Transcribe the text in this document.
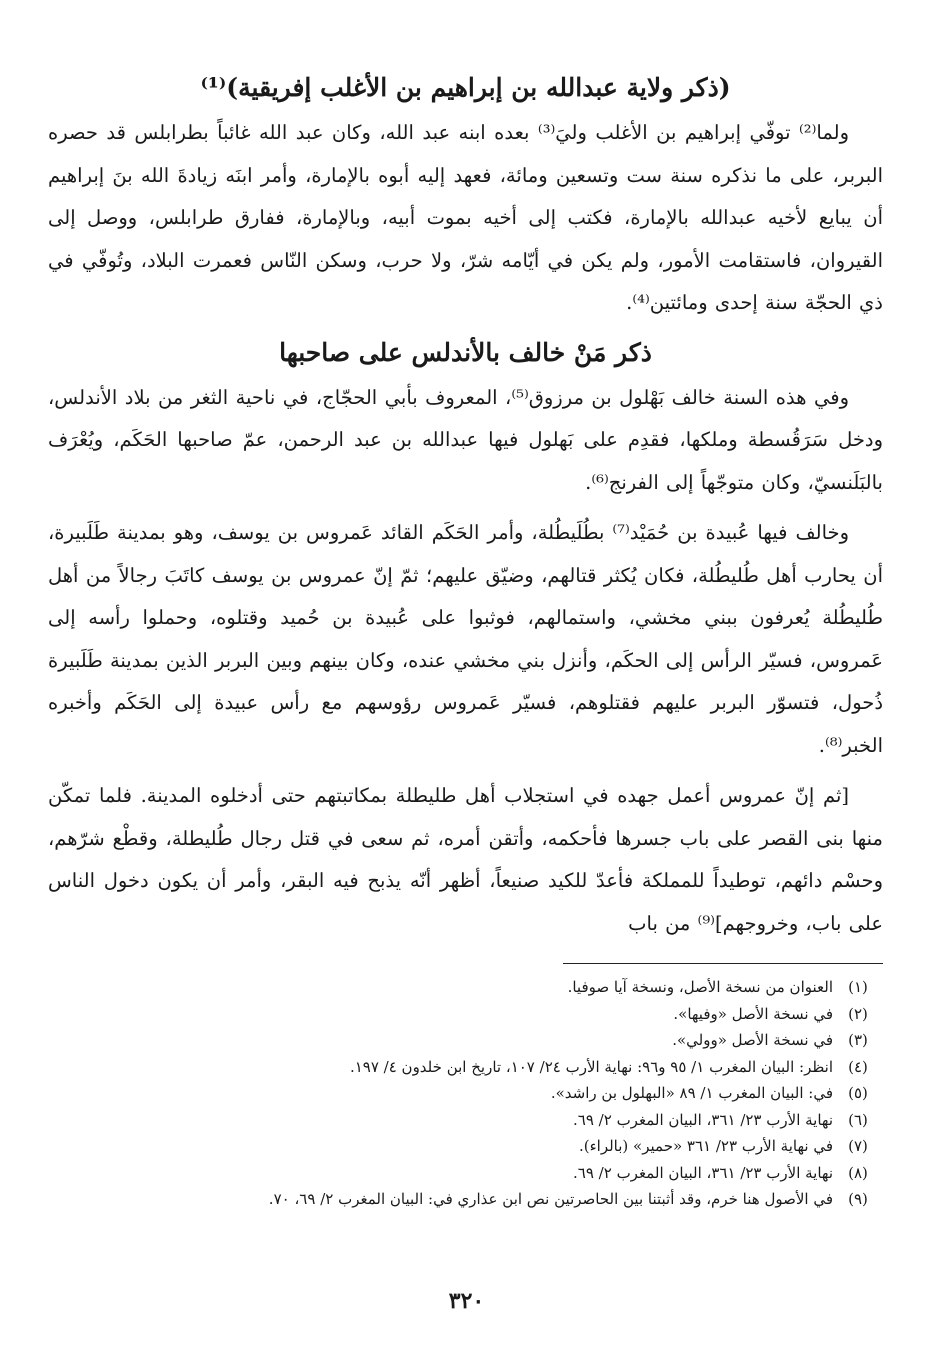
(ذكر ولاية عبدالله بن إبراهيم بن الأغلب إفريقية)⁽¹⁾

ولما⁽²⁾ توفّي إبراهيم بن الأغلب وليَ⁽³⁾ بعده ابنه عبد الله، وكان عبد الله غائباً بطرابلس قد حصره البربر، على ما نذكره سنة ست وتسعين ومائة، فعهد إليه أبوه بالإمارة، وأمر ابنَه زيادةَ الله بنَ إبراهيم أن يبايع لأخيه عبدالله بالإمارة، فكتب إلى أخيه بموت أبيه، وبالإمارة، ففارق طرابلس، ووصل إلى القيروان، فاستقامت الأمور، ولم يكن في أيّامه شرّ، ولا حرب، وسكن النّاس فعمرت البلاد، وتُوفّي في ذي الحجّة سنة إحدى ومائتين⁽⁴⁾.

ذكر مَنْ خالف بالأندلس على صاحبها

وفي هذه السنة خالف بَهْلول بن مرزوق⁽⁵⁾، المعروف بأبي الحجّاج، في ناحية الثغر من بلاد الأندلس، ودخل سَرَقُسطة وملكها، فقدِم على بَهلول فيها عبدالله بن عبد الرحمن، عمّ صاحبها الحَكَم، ويُعْرَف بالبَلَنسيّ، وكان متوجّهاً إلى الفرنج⁽⁶⁾.

وخالف فيها عُبيدة بن حُمَيْد⁽⁷⁾ بطُلَيطُلة، وأمر الحَكَم القائد عَمروس بن يوسف، وهو بمدينة طَلَبيرة، أن يحارب أهل طُليطُلة، فكان يُكثر قتالهم، وضيّق عليهم؛ ثمّ إنّ عمروس بن يوسف كاتَبَ رجالاً من أهل طُليطُلة يُعرفون ببني مخشي، واستمالهم، فوثبوا على عُبيدة بن حُميد وقتلوه، وحملوا رأسه إلى عَمروس، فسيّر الرأس إلى الحكَم، وأنزل بني مخشي عنده، وكان بينهم وبين البربر الذين بمدينة طَلَبيرة ذُحول، فتسوّر البربر عليهم فقتلوهم، فسيّر عَمروس رؤوسهم مع رأس عبيدة إلى الحَكَم وأخبره الخبر⁽⁸⁾.

[ثم إنّ عمروس أعمل جهده في استجلاب أهل طليطلة بمكاتبتهم حتى أدخلوه المدينة. فلما تمكّن منها بنى القصر على باب جسرها فأحكمه، وأتقن أمره، ثم سعى في قتل رجال طُليطلة، وقطْع شرّهم، وحسْم دائهم، توطيداً للمملكة فأعدّ للكيد صنيعاً، أظهر أنّه يذبح فيه البقر، وأمر أن يكون دخول الناس على باب، وخروجهم]⁽⁹⁾ من باب

(١)
العنوان من نسخة الأصل، ونسخة آيا صوفيا.
(٢)
في نسخة الأصل «وفيها».
(٣)
في نسخة الأصل «وولي».
(٤)
انظر: البيان المغرب ١/ ٩٥ و٩٦: نهاية الأرب ٢٤/ ١٠٧، تاريخ ابن خلدون ٤/ ١٩٧.
(٥)
في: البيان المغرب ١/ ٨٩ «البهلول بن راشد».
(٦)
نهاية الأرب ٢٣/ ٣٦١، البيان المغرب ٢/ ٦٩.
(٧)
في نهاية الأرب ٢٣/ ٣٦١ «حمير» (بالراء).
(٨)
نهاية الأرب ٢٣/ ٣٦١، البيان المغرب ٢/ ٦٩.
(٩)
في الأصول هنا خرم، وقد أثبتنا بين الحاصرتين نص ابن عذاري في: البيان المغرب ٢/ ٦٩، ٧٠.
٣٢٠
